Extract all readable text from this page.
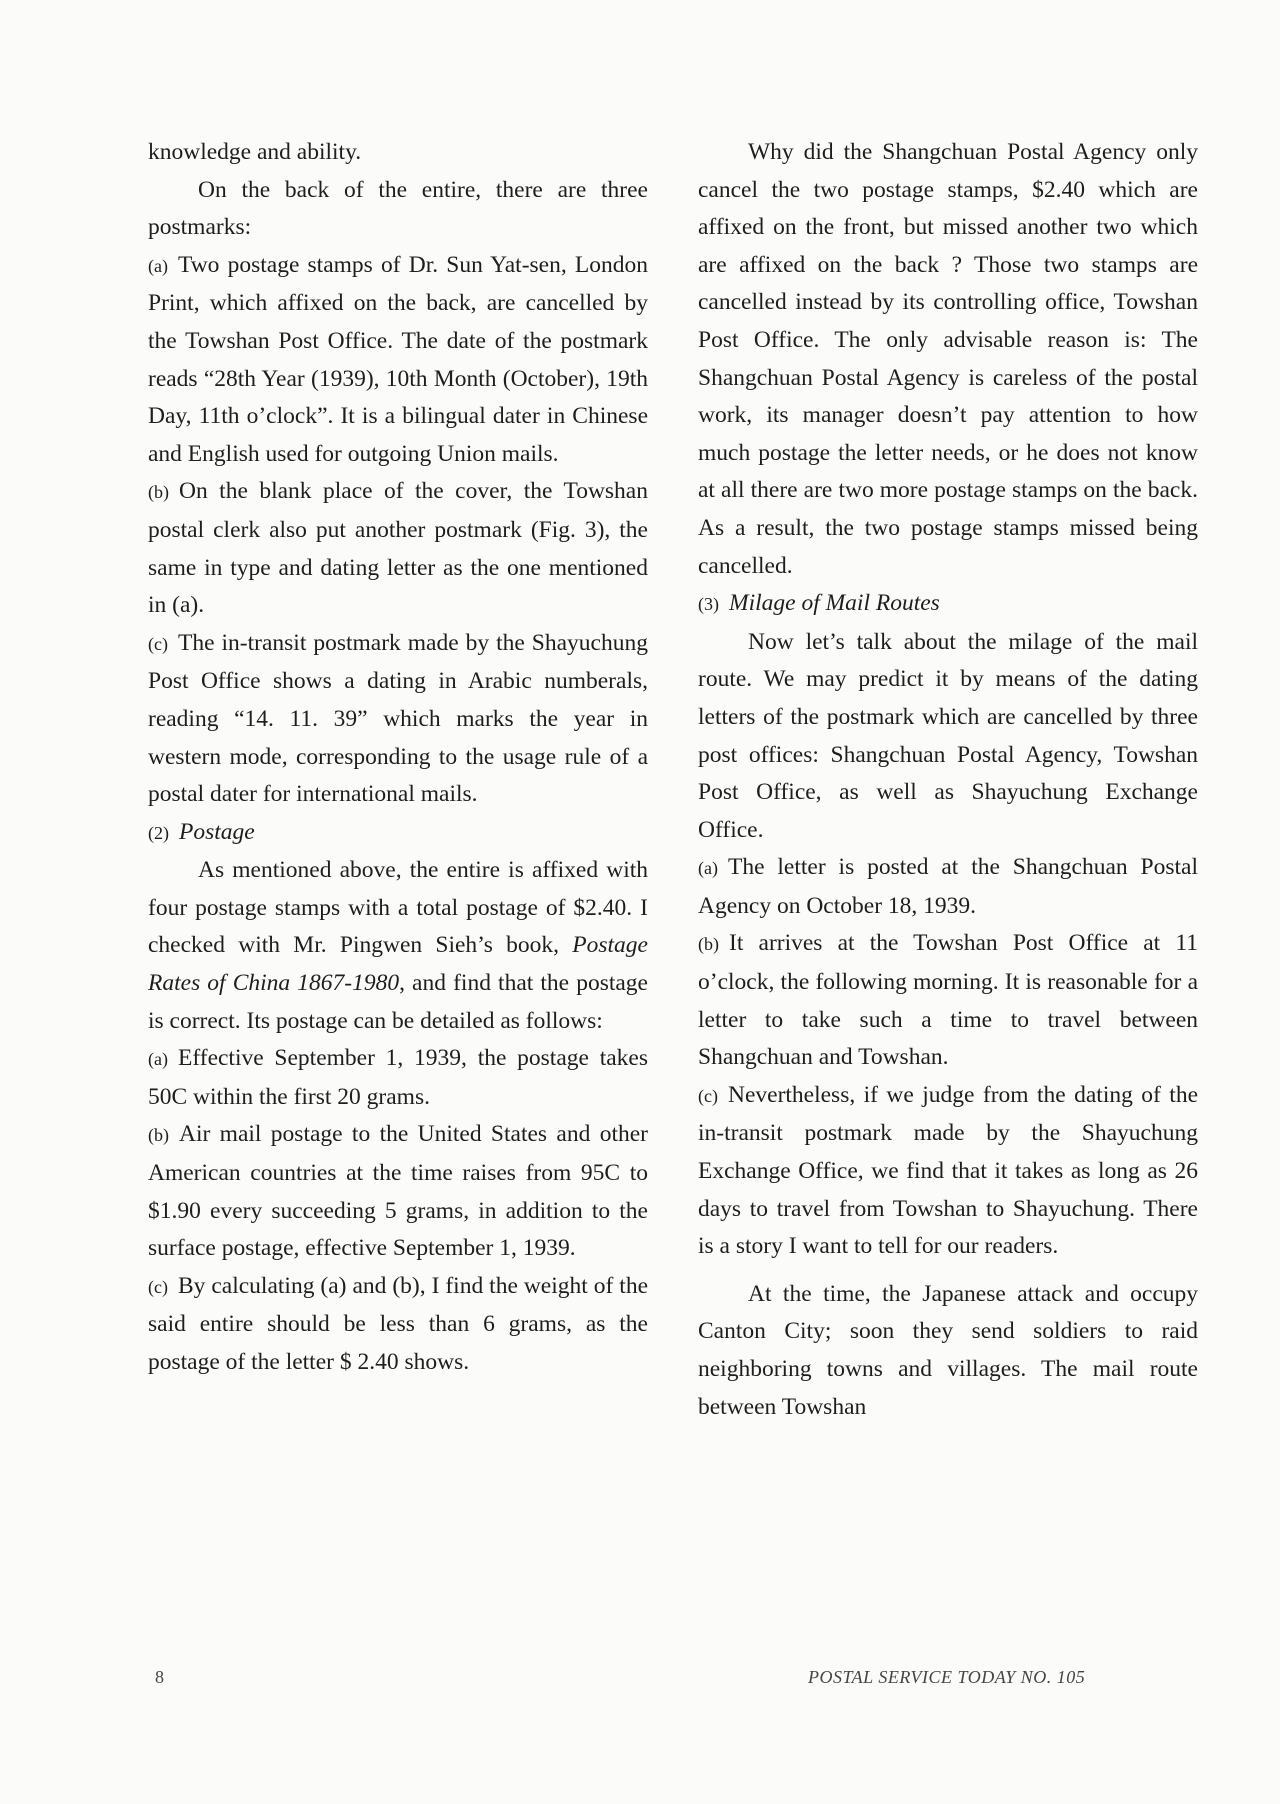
knowledge and ability.

On the back of the entire, there are three postmarks:

(a) Two postage stamps of Dr. Sun Yat-sen, London Print, which affixed on the back, are cancelled by the Towshan Post Office. The date of the postmark reads “28th Year (1939), 10th Month (October), 19th Day, 11th o’clock”. It is a bilingual dater in Chinese and English used for outgoing Union mails.

(b) On the blank place of the cover, the Towshan postal clerk also put another postmark (Fig. 3), the same in type and dating letter as the one mentioned in (a).

(c) The in-transit postmark made by the Shayuchung Post Office shows a dating in Arabic numberals, reading “14. 11. 39” which marks the year in western mode, corresponding to the usage rule of a postal dater for international mails.

(2) Postage

As mentioned above, the entire is affixed with four postage stamps with a total postage of $2.40. I checked with Mr. Pingwen Sieh’s book, Postage Rates of China 1867-1980, and find that the postage is correct. Its postage can be detailed as follows:

(a) Effective September 1, 1939, the postage takes 50C within the first 20 grams.

(b) Air mail postage to the United States and other American countries at the time raises from 95C to $1.90 every succeeding 5 grams, in addition to the surface postage, effective September 1, 1939.

(c) By calculating (a) and (b), I find the weight of the said entire should be less than 6 grams, as the postage of the letter $ 2.40 shows.

Why did the Shangchuan Postal Agency only cancel the two postage stamps, $2.40 which are affixed on the front, but missed another two which are affixed on the back ? Those two stamps are cancelled instead by its controlling office, Towshan Post Office. The only advisable reason is: The Shangchuan Postal Agency is careless of the postal work, its manager doesn’t pay attention to how much postage the letter needs, or he does not know at all there are two more postage stamps on the back. As a result, the two postage stamps missed being cancelled.

(3) Milage of Mail Routes

Now let’s talk about the milage of the mail route. We may predict it by means of the dating letters of the postmark which are cancelled by three post offices: Shangchuan Postal Agency, Towshan Post Office, as well as Shayuchung Exchange Office.

(a) The letter is posted at the Shangchuan Postal Agency on October 18, 1939.

(b) It arrives at the Towshan Post Office at 11 o’clock, the following morning. It is reasonable for a letter to take such a time to travel between Shangchuan and Towshan.

(c) Nevertheless, if we judge from the dating of the in-transit postmark made by the Shayuchung Exchange Office, we find that it takes as long as 26 days to travel from Towshan to Shayuchung. There is a story I want to tell for our readers.

At the time, the Japanese attack and occupy Canton City; soon they send soldiers to raid neighboring towns and villages. The mail route between Towshan

8	POSTAL SERVICE TODAY NO. 105
